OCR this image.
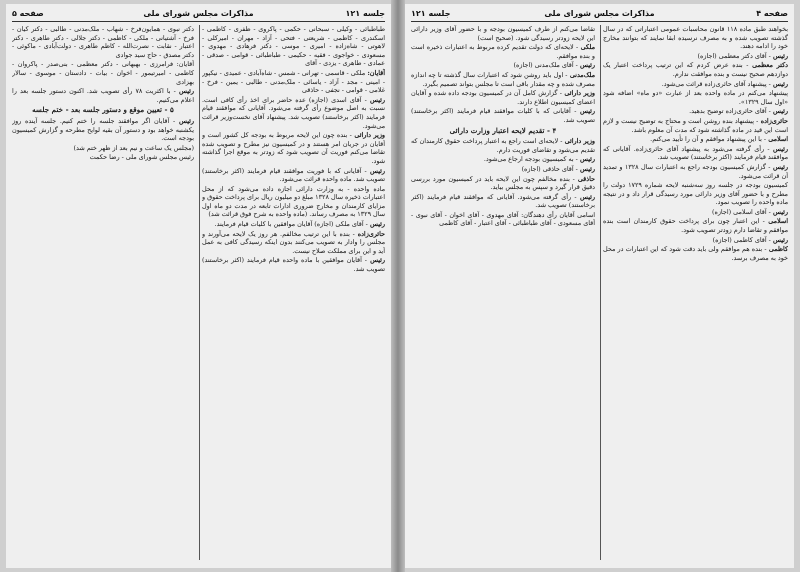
جلسه ۱۲۱
مذاکرات مجلس شورای ملی
صفحه ۵

طباطبائی - وکیلی - سبحانی - حکمی - پاکروی - ظفری - کاظمی - اسکندری - کاظمی - شریعتی - فتحی - آزاد - مهران - امیرکلی - لاهوتی - شاه‌زاده - امیری - موسی - دکتر فرهادی - مهدوی - مسعودی - خواجوی - فقیه - حکیمی - طباطبائی - قوامی - صدقی - عمادی - طاهری - یزدی - آقای

آقایان: ملکی - قاسمی - تهرانی - شمس - شاه‌آبادی - عمیدی - نیکپور - امینی - مجد - آزاد - یاسائی - ملک‌مدنی - طالبی - یمین - فرخ - غلامی - قوامی - نجفی - حاذقی

رئیس - آقای اسدی (اجازه) عده حاضر برای اخذ رأی کافی است. نسبت به اصل موضوع رأی گرفته می‌شود. آقایانی که موافقند قیام فرمایند (اکثر برخاستند) تصویب شد. پیشنهاد آقای نخست‌وزیر قرائت می‌شود.

وزیر دارائی - بنده چون این لایحه مربوط به بودجه کل کشور است و آقایان در جریان امر هستند و در کمیسیون نیز مطرح و تصویب شده تقاضا می‌کنم فوریت آن تصویب شود که زودتر به موقع اجرا گذاشته شود.

رئیس - آقایانی که با فوریت موافقند قیام فرمایند (اکثر برخاستند) تصویب شد. ماده واحده قرائت می‌شود.

ماده واحده - به وزارت دارائی اجازه داده می‌شود که از محل اعتبارات ذخیره سال ۱۳۲۸ مبلغ دو میلیون ریال برای پرداخت حقوق و مزایای کارمندان و مخارج ضروری ادارات تابعه در مدت دو ماه اول سال ۱۳۲۹ به مصرف رساند. (ماده واحده به شرح فوق قرائت شد)

رئیس - آقای ملکی (اجازه) آقایان موافقین با کلیات قیام فرمایند.

حائری‌زاده - بنده با این ترتیب مخالفم. هر روز یک لایحه می‌آورند و مجلس را وادار به تصویب می‌کنند بدون اینکه رسیدگی کافی به عمل آید و این برای مملکت صلاح نیست.

رئیس - آقایان موافقین با ماده واحده قیام فرمایند (اکثر برخاستند) تصویب شد.

دکتر نبوی - همایون‌فرخ - شهاب - ملک‌مدنی - طالبی - دکتر کیان - فرخ - آشتیانی - ملکی - کاظمی - دکتر جلالی - دکتر طاهری - دکتر اعتبار - نقابت - نصرت‌الله - کاظم طاهری - دولت‌آبادی - ماکوئی - دکتر مصدق - حاج سید جوادی

آقایان: فرامرزی - بهبهانی - دکتر معظمی - بنی‌صدر - پاکروان - کاظمی - امیرتیمور - اخوان - بیات - دادستان - موسوی - سالار بهزادی

رئیس - با اکثریت ۷۸ رأی تصویب شد. اکنون دستور جلسه بعد را اعلام می‌کنیم.

۵ - تعیین موقع و دستور جلسه بعد - ختم جلسه

رئیس - آقایان اگر موافقند جلسه را ختم کنیم. جلسه آینده روز یکشنبه خواهد بود و دستور آن بقیه لوایح مطرحه و گزارش کمیسیون بودجه است.

(مجلس یک ساعت و نیم بعد از ظهر ختم شد)

رئیس مجلس شورای ملی - رضا حکمت

صفحه ۴
مذاکرات مجلس شورای ملی
جلسه ۱۲۱

بخواهند طبق ماده ۱۱۸ قانون محاسبات عمومی اعتباراتی که در سال گذشته تصویب شده و به مصرف نرسیده ابقا نمایند که بتوانند مخارج خود را ادامه دهند.

رئیس - آقای دکتر معظمی (اجازه)

دکتر معظمی - بنده عرض کردم که این ترتیب پرداخت اعتبار یک دوازدهم صحیح نیست و بنده موافقت ندارم.

رئیس - پیشنهاد آقای حائری‌زاده قرائت می‌شود.

پیشنهاد می‌کنم در ماده واحده بعد از عبارت «دو ماه» اضافه شود «اول سال ۱۳۲۹».

رئیس - آقای حائری‌زاده توضیح بدهید.

حائری‌زاده - پیشنهاد بنده روشن است و محتاج به توضیح نیست و لازم است این قید در ماده گذاشته شود که مدت آن معلوم باشد.

اسلامی - با این پیشنهاد موافقم و آن را تأیید می‌کنم.

رئیس - رأی گرفته می‌شود به پیشنهاد آقای حائری‌زاده. آقایانی که موافقند قیام فرمایند (اکثر برخاستند) تصویب شد.

رئیس - گزارش کمیسیون بودجه راجع به اعتبارات سال ۱۳۲۸ و تمدید آن قرائت می‌شود.

کمیسیون بودجه در جلسه روز سه‌شنبه لایحه شماره ۱۷۲۹ دولت را مطرح و با حضور آقای وزیر دارائی مورد رسیدگی قرار داد و در نتیجه ماده واحده را تصویب نمود.

رئیس - آقای اسلامی (اجازه)

اسلامی - این اعتبار چون برای پرداخت حقوق کارمندان است بنده موافقم و تقاضا دارم زودتر تصویب شود.

رئیس - آقای کاظمی (اجازه)

کاظمی - بنده هم موافقم ولی باید دقت شود که این اعتبارات در محل خود به مصرف برسد.

تقاضا می‌کنم از طرف کمیسیون بودجه و با حضور آقای وزیر دارائی این لایحه زودتر رسیدگی شود. (صحیح است)

ملکی - لایحه‌ای که دولت تقدیم کرده مربوط به اعتبارات ذخیره است و بنده موافقم.

رئیس - آقای ملک‌مدنی (اجازه)

ملک‌مدنی - اول باید روشن شود که اعتبارات سال گذشته تا چه اندازه مصرف شده و چه مقدار باقی است تا مجلس بتواند تصمیم بگیرد.

وزیر دارائی - گزارش کامل آن در کمیسیون بودجه داده شده و آقایان اعضای کمیسیون اطلاع دارند.

رئیس - آقایانی که با کلیات موافقند قیام فرمایند (اکثر برخاستند) تصویب شد.

۴ - تقدیم لایحه اعتبار وزارت دارائی

وزیر دارائی - لایحه‌ای است راجع به اعتبار پرداخت حقوق کارمندان که تقدیم می‌شود و تقاضای فوریت دارم.

رئیس - به کمیسیون بودجه ارجاع می‌شود.

رئیس - آقای حاذقی (اجازه)

حاذقی - بنده مخالفم چون این لایحه باید در کمیسیون مورد بررسی دقیق قرار گیرد و سپس به مجلس بیاید.

رئیس - رأی گرفته می‌شود. آقایانی که موافقند قیام فرمایند (اکثر برخاستند) تصویب شد.

اسامی آقایان رأی دهندگان: آقای مهدوی - آقای اخوان - آقای نبوی - آقای مسعودی - آقای طباطبائی - آقای اعتبار - آقای کاظمی
